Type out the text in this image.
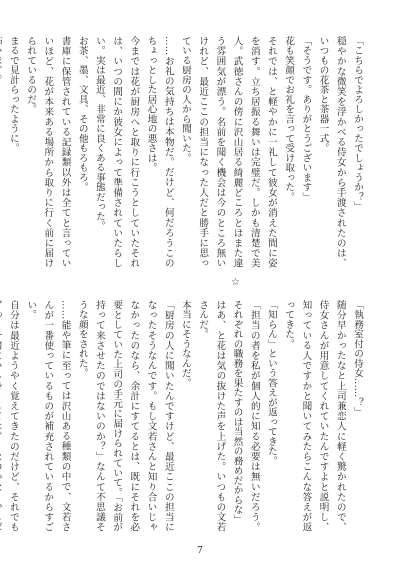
「こちらでよろしかったでしょうか？」

穏やかな微笑を浮かべる侍女から手渡されたのは、いつもの花茶と茶器一式。

「そうです。ありがとうございます」

花も笑顔でお礼を言って受け取った。

それでは、と軽やかに一礼して彼女が消えた間に姿を消す。立ち居振る舞いは完璧だ。しかも清楚で美人。武徳さんの傍に沢山居る綺麗どころとはまた違う雰囲気が漂う。名前を聞く機会は今のところ無いけれど、最近ここの担当になった人だと勝手に思っている厨房の人から聞いた。

……お礼の気持ちは本物だ。だけど、何だろうこのちょっとした居心地の悪さは。

今までは花が厨房へと取りに行こうとしていたそれは、いつの間にか彼女によって準備されていたらしい。実は最近、非常に良くある事態だった。

お茶、墨、文具、その他もろもろ。

書庫に保管されている記録類以外は全てと言っていいほど、花が本来ある場所から取りに行く前に届けられているのだ。

まるで見計らったように。

☆

「執務室付の侍女……？」

随分早かったなと上司兼恋人に軽く驚かれたので、侍女さんが用意してくれていたんですよと説明し、知っている人ですかと聞いてみたらこんな答えが返ってきた。

「知らん」という答えが返ってきた。

「担当の者を私が個人的に知る必要は無いだろう。それぞれの職務を果たすのは当然の務めだからな」

はあ、と花は気の抜けた声を上げた。いつもの文若さんだ。

本当にそうなんだ。

「厨房の人に聞いたんですけど、最近ここの担当になったそうなんです。もし文若さんと知り合いじゃなかったのなら、余計にすてるとは、既にそれを必要としていた上司の手元に届けられていて。「お前が持って来させたのではないのか？」なんて不思議そうな顔をされた。

……能や筆に至っては沢山ある種類の中で、文若さんが一番使っているものが補充されているからすごい。

自分は最近ようやく覚えてきたのだけど、それでも

7
